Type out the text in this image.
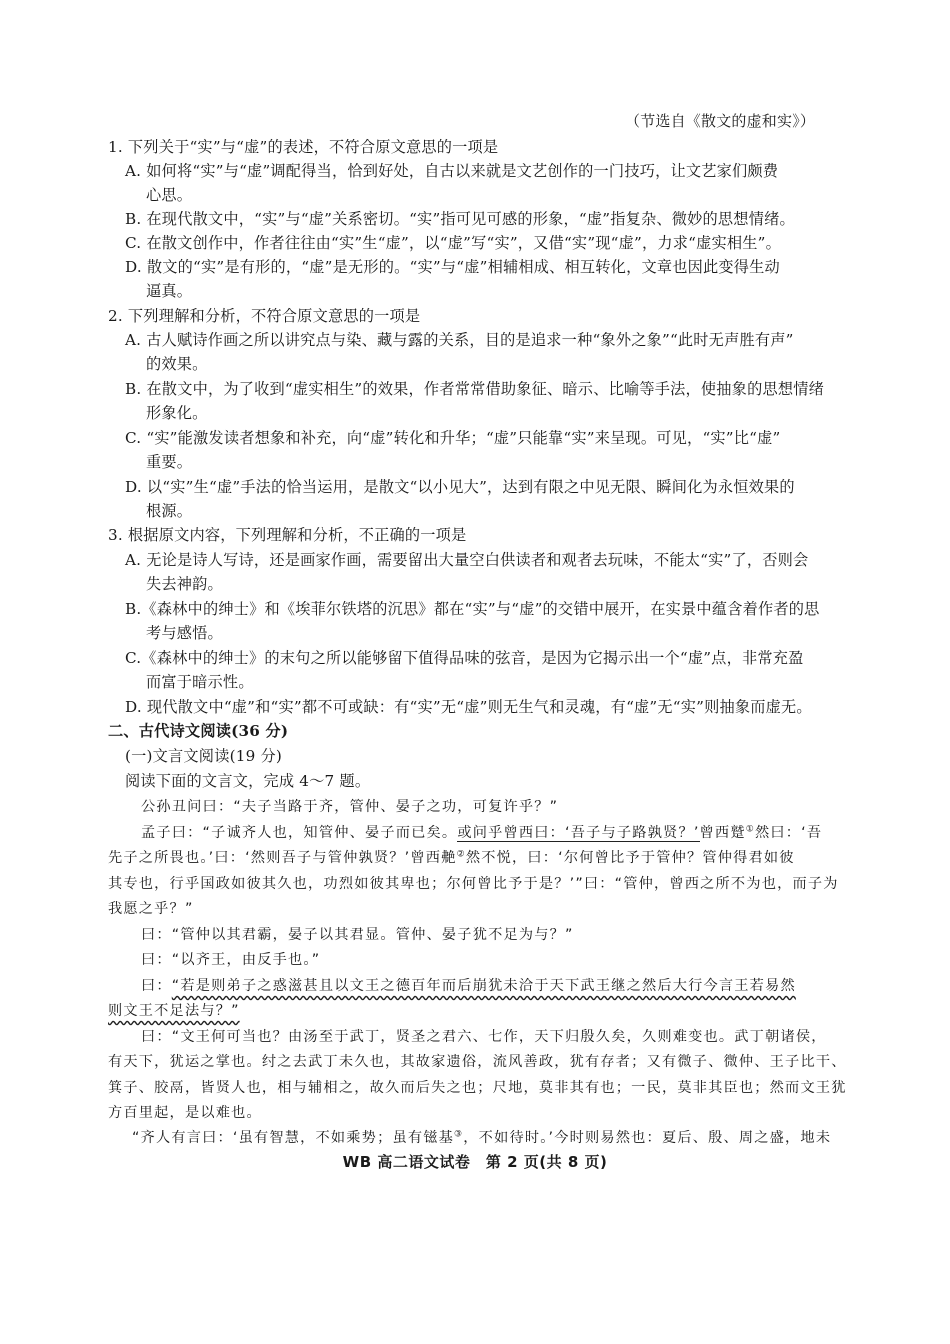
（节选自《散文的虚和实》）
1. 下列关于“实”与“虚”的表述，不符合原文意思的一项是
A. 如何将“实”与“虚”调配得当，恰到好处，自古以来就是文艺创作的一门技巧，让文艺家们颇费
心思。
B. 在现代散文中，“实”与“虚”关系密切。“实”指可见可感的形象，“虚”指复杂、微妙的思想情绪。
C. 在散文创作中，作者往往由“实”生“虚”，以“虚”写“实”，又借“实”现“虚”，力求“虚实相生”。
D. 散文的“实”是有形的，“虚”是无形的。“实”与“虚”相辅相成、相互转化，文章也因此变得生动
逼真。
2. 下列理解和分析，不符合原文意思的一项是
A. 古人赋诗作画之所以讲究点与染、藏与露的关系，目的是追求一种“象外之象”“此时无声胜有声”
的效果。
B. 在散文中，为了收到“虚实相生”的效果，作者常常借助象征、暗示、比喻等手法，使抽象的思想情绪
形象化。
C. “实”能激发读者想象和补充，向“虚”转化和升华；“虚”只能靠“实”来呈现。可见，“实”比“虚”
重要。
D. 以“实”生“虚”手法的恰当运用，是散文“以小见大”，达到有限之中见无限、瞬间化为永恒效果的
根源。
3. 根据原文内容，下列理解和分析，不正确的一项是
A. 无论是诗人写诗，还是画家作画，需要留出大量空白供读者和观者去玩味，不能太“实”了，否则会
失去神韵。
B.《森林中的绅士》和《埃菲尔铁塔的沉思》都在“实”与“虚”的交错中展开，在实景中蕴含着作者的思
考与感悟。
C.《森林中的绅士》的末句之所以能够留下值得品味的弦音，是因为它揭示出一个“虚”点，非常充盈
而富于暗示性。
D. 现代散文中“虚”和“实”都不可或缺：有“实”无“虚”则无生气和灵魂，有“虚”无“实”则抽象而虚无。
二、古代诗文阅读(36 分)
(一)文言文阅读(19 分)
阅读下面的文言文，完成 4～7 题。
公孙丑问曰：“夫子当路于齐，管仲、晏子之功，可复许乎？”
孟子曰：“子诚齐人也，知管仲、晏子而已矣。或问乎曾西曰：‘吾子与子路孰贤？’曾西蹵①然曰：‘吾
先子之所畏也。’曰：‘然则吾子与管仲孰贤？’曾西艴②然不悦，曰：‘尔何曾比予于管仲？管仲得君如彼
其专也，行乎国政如彼其久也，功烈如彼其卑也；尔何曾比予于是？’”曰：“管仲，曾西之所不为也，而子为
我愿之乎？”
曰：“管仲以其君霸，晏子以其君显。管仲、晏子犹不足为与？”
曰：“以齐王，由反手也。”
曰：“若是则弟子之惑滋甚且以文王之德百年而后崩犹未洽于天下武王继之然后大行今言王若易然
则文王不足法与？”
曰：“文王何可当也？由汤至于武丁，贤圣之君六、七作，天下归殷久矣，久则难变也。武丁朝诸侯，
有天下，犹运之掌也。纣之去武丁未久也，其故家遗俗，流风善政，犹有存者；又有微子、微仲、王子比干、
箕子、胶鬲，皆贤人也，相与辅相之，故久而后失之也；尺地，莫非其有也；一民，莫非其臣也；然而文王犹
方百里起，是以难也。
“齐人有言曰：‘虽有智慧，不如乘势；虽有镃基③，不如待时。’今时则易然也：夏后、殷、周之盛，地未
WB 高二语文试卷　第 2 页(共 8 页)
